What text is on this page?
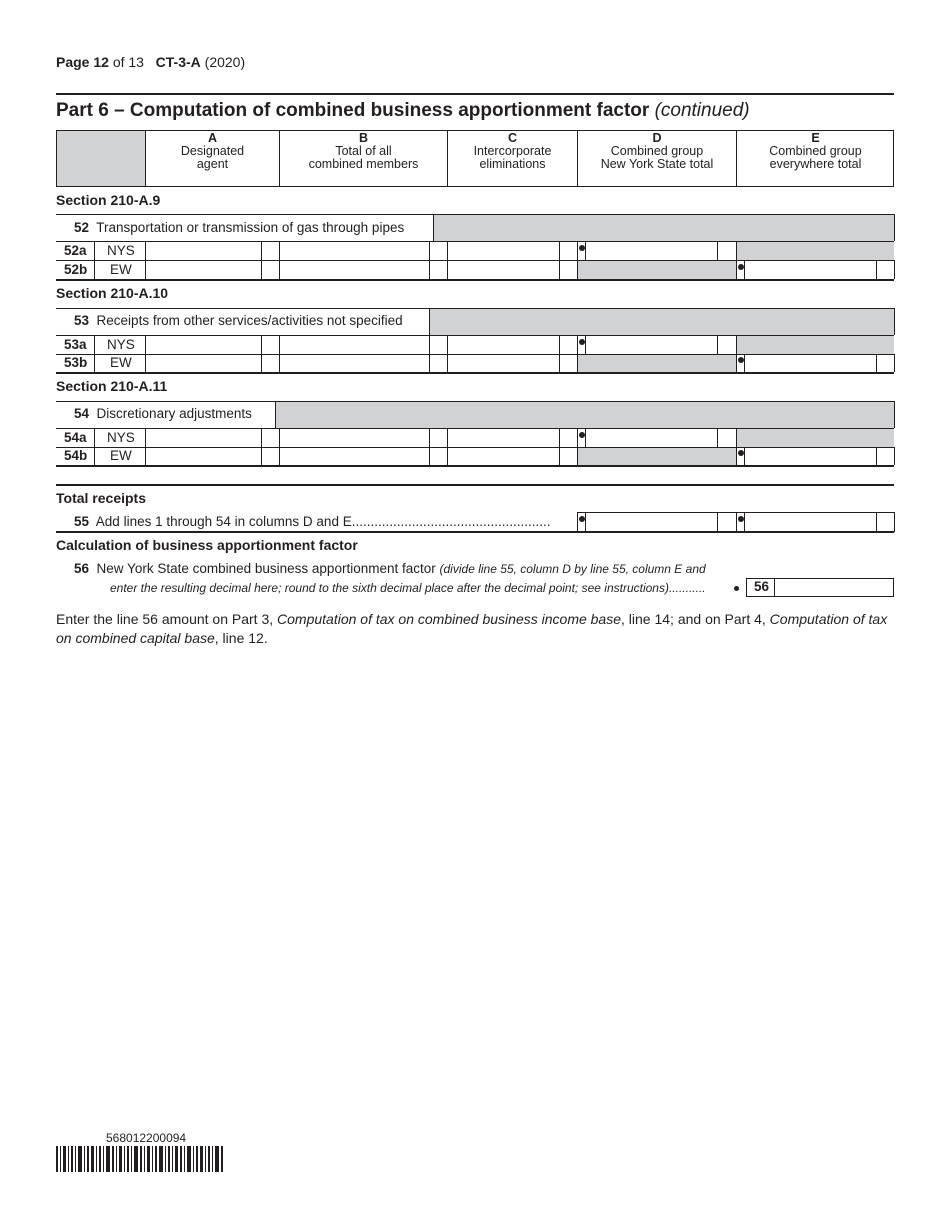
Page 12 of 13 CT-3-A (2020)
Part 6 – Computation of combined business apportionment factor (continued)
A
Designated
agent
B
Total of all
combined members
C
Intercorporate
eliminations
D
Combined group
New York State total
E
Combined group
everywhere total
Section 210-A.9
52 Transportation or transmission of gas through pipes
52a NYS
52b EW
Section 210-A.10
53 Receipts from other services/activities not specified
53a NYS
53b EW
Section 210-A.11
54 Discretionary adjustments
54a NYS
54b EW
Total receipts
55 Add lines 1 through 54 in columns D and E.....................................................
Calculation of business apportionment factor
56 New York State combined business apportionment factor (divide line 55, column D by line 55, column E and
enter the resulting decimal here; round to the sixth decimal place after the decimal point; see instructions)...........	56
Enter the line 56 amount on Part 3, Computation of tax on combined business income base, line 14; and on Part 4, Computation of tax on combined capital base, line 12.
568012200094
